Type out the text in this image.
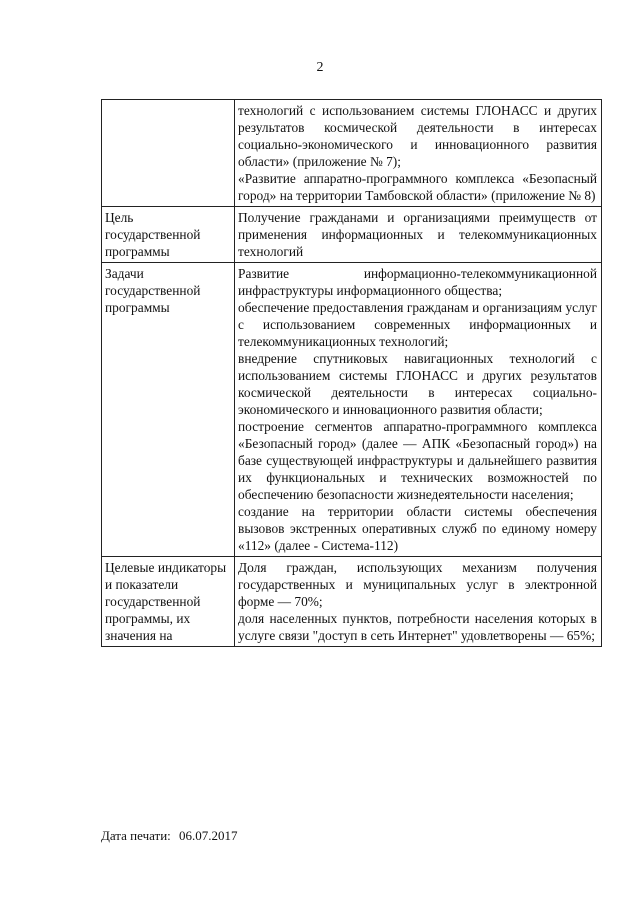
2

	технологий с использованием системы ГЛОНАСС и других результатов космической деятельности в интересах социально-экономического и инновационного развития области» (приложение № 7);
«Развитие аппаратно-программного комплекса «Безопасный город» на территории Тамбовской области» (приложение № 8)

Цель государственной программы	Получение гражданами и организациями преимуществ от применения информационных и телекоммуникационных технологий

Задачи государственной программы	Развитие информационно-телекоммуникационной инфраструктуры информационного общества;
обеспечение предоставления гражданам и организациям услуг с использованием современных информационных и телекоммуникационных технологий;
внедрение спутниковых навигационных технологий с использованием системы ГЛОНАСС и других результатов космической деятельности в интересах социально-экономического и инновационного развития области;
построение сегментов аппаратно-программного комплекса «Безопасный город» (далее — АПК «Безопасный город») на базе существующей инфраструктуры и дальнейшего развития их функциональных и технических возможностей по обеспечению безопасности жизнедеятельности населения;
создание на территории области системы обеспечения вызовов экстренных оперативных служб по единому номеру «112» (далее - Система-112)

Целевые индикаторы и показатели государственной программы, их значения на	Доля граждан, использующих механизм получения государственных и муниципальных услуг в электронной форме — 70%;
доля населенных пунктов, потребности населения которых в услуге связи "доступ в сеть Интернет" удовлетворены — 65%;
Дата печати: 06.07.2017
